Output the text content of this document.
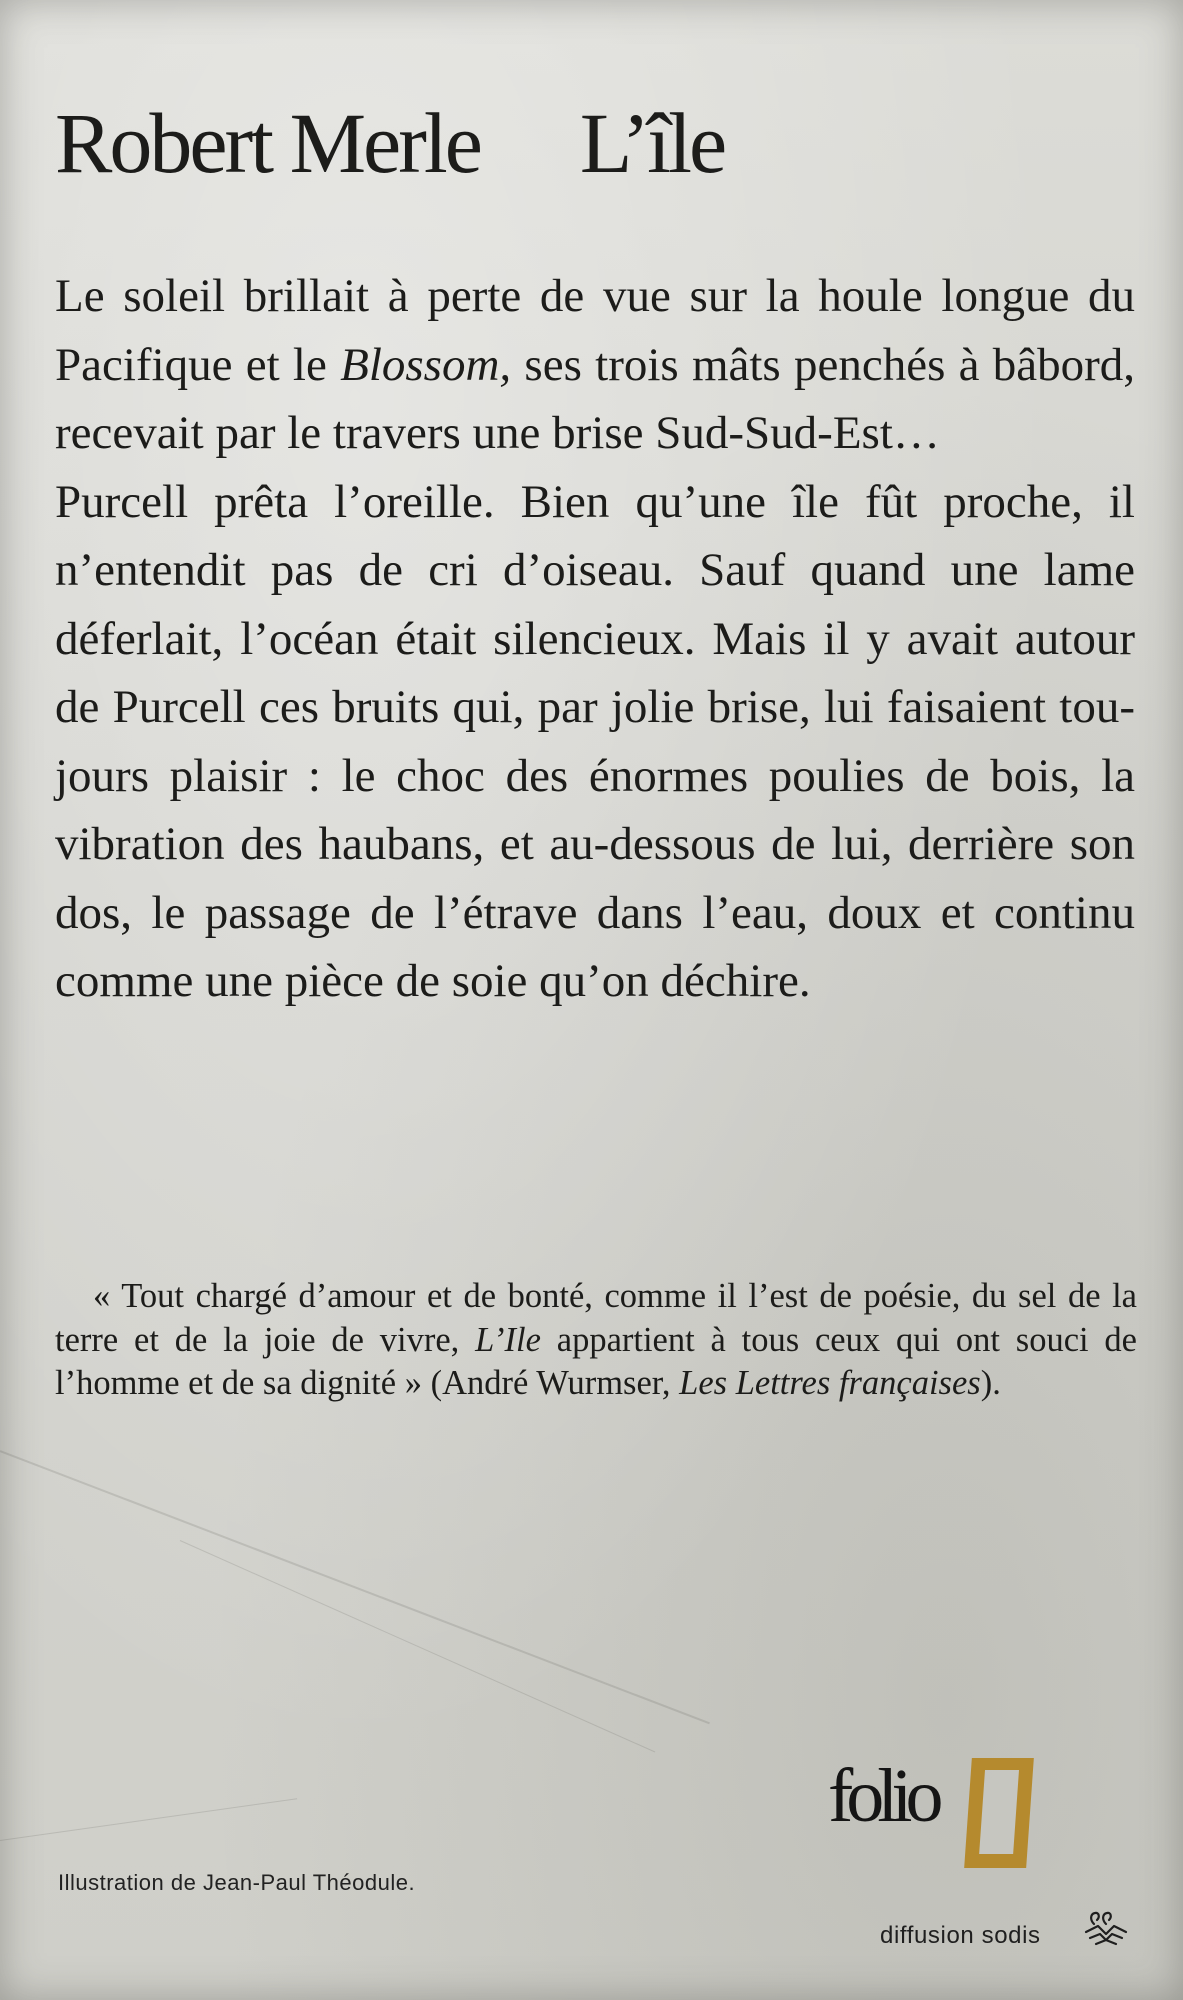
Robert Merle L’île

Le soleil brillait à perte de vue sur la houle longue du Pacifique et le Blossom, ses trois mâts penchés à bâbord, recevait par le travers une brise Sud-Sud-Est…

Purcell prêta l’oreille. Bien qu’une île fût proche, il n’entendit pas de cri d’oiseau. Sauf quand une lame déferlait, l’océan était silencieux. Mais il y avait autour de Purcell ces bruits qui, par jolie brise, lui faisaient toujours plaisir : le choc des énormes poulies de bois, la vibration des haubans, et au-dessous de lui, derrière son dos, le passage de l’étrave dans l’eau, doux et continu comme une pièce de soie qu’on déchire.

« Tout chargé d’amour et de bonté, comme il l’est de poésie, du sel de la terre et de la joie de vivre, L’Ile appartient à tous ceux qui ont souci de l’homme et de sa dignité » (André Wurmser, Les Lettres françaises).
Illustration de Jean-Paul Théodule.
folio
diffusion sodis
